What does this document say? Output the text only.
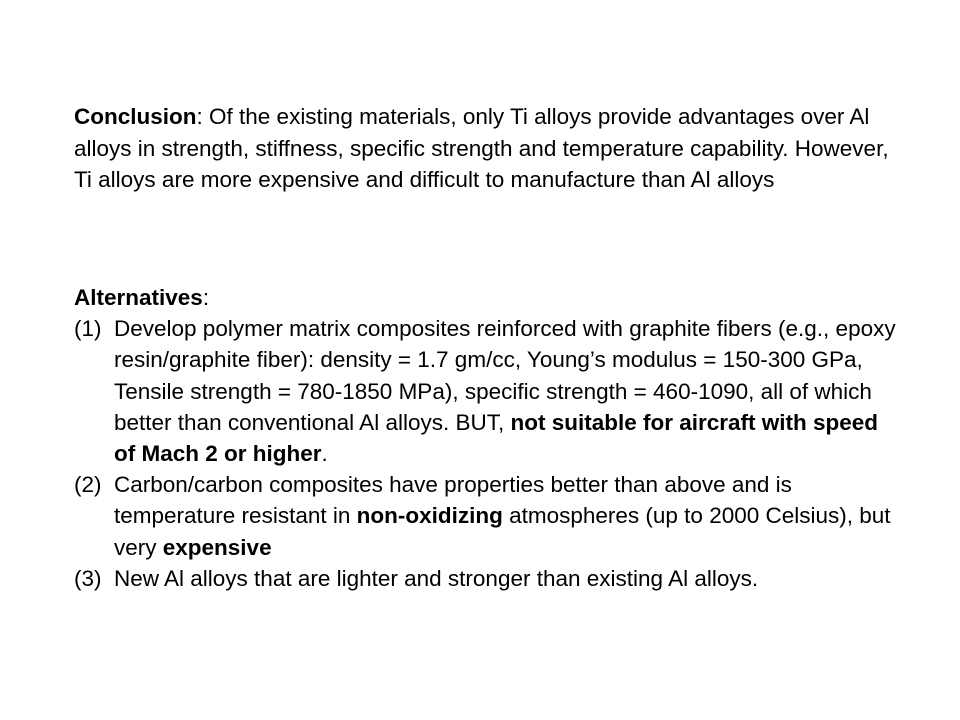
Conclusion: Of the existing materials, only Ti alloys provide advantages over Al alloys in strength, stiffness, specific strength and temperature capability. However, Ti alloys are more expensive and difficult to manufacture than Al alloys

Alternatives:

(1) Develop polymer matrix composites reinforced with graphite fibers (e.g., epoxy resin/graphite fiber): density = 1.7 gm/cc, Young’s modulus = 150-300 GPa, Tensile strength = 780-1850 MPa), specific strength = 460-1090, all of which better than conventional Al alloys. BUT, not suitable for aircraft with speed of Mach 2 or higher.
(2) Carbon/carbon composites have properties better than above and is temperature resistant in non-oxidizing atmospheres (up to 2000 Celsius), but very expensive
(3) New Al alloys that are lighter and stronger than existing Al alloys.
